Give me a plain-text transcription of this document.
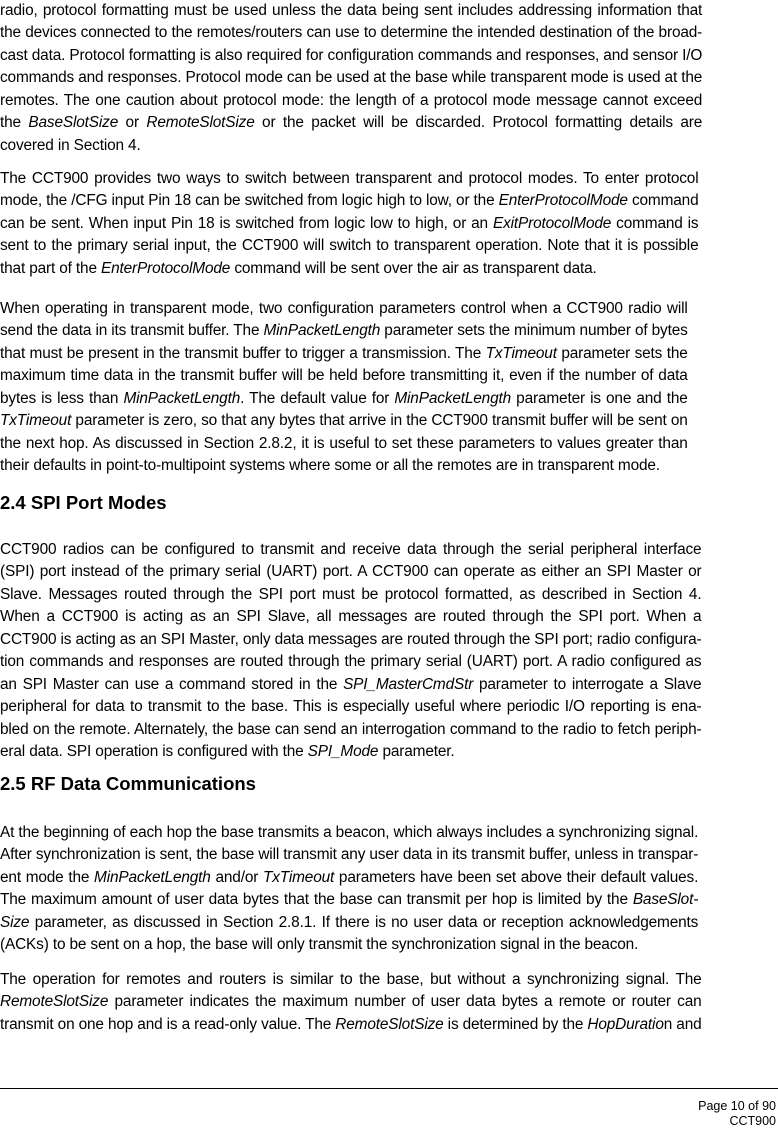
radio, protocol formatting must be used unless the data being sent includes addressing information that
the devices connected to the remotes/routers can use to determine the intended destination of the broad-
cast data. Protocol formatting is also required for configuration commands and responses, and sensor I/O
commands and responses. Protocol mode can be used at the base while transparent mode is used at the
remotes. The one caution about protocol mode: the length of a protocol mode message cannot exceed
the BaseSlotSize or RemoteSlotSize or the packet will be discarded. Protocol formatting details are
covered in Section 4.

The CCT900 provides two ways to switch between transparent and protocol modes. To enter protocol
mode, the /CFG input Pin 18 can be switched from logic high to low, or the EnterProtocolMode command
can be sent. When input Pin 18 is switched from logic low to high, or an ExitProtocolMode command is
sent to the primary serial input, the CCT900 will switch to transparent operation. Note that it is possible
that part of the EnterProtocolMode command will be sent over the air as transparent data.

When operating in transparent mode, two configuration parameters control when a CCT900 radio will
send the data in its transmit buffer. The MinPacketLength parameter sets the minimum number of bytes
that must be present in the transmit buffer to trigger a transmission. The TxTimeout parameter sets the
maximum time data in the transmit buffer will be held before transmitting it, even if the number of data
bytes is less than MinPacketLength. The default value for MinPacketLength parameter is one and the
TxTimeout parameter is zero, so that any bytes that arrive in the CCT900 transmit buffer will be sent on
the next hop. As discussed in Section 2.8.2, it is useful to set these parameters to values greater than
their defaults in point-to-multipoint systems where some or all the remotes are in transparent mode.

2.4 SPI Port Modes

CCT900 radios can be configured to transmit and receive data through the serial peripheral interface
(SPI) port instead of the primary serial (UART) port. A CCT900 can operate as either an SPI Master or
Slave. Messages routed through the SPI port must be protocol formatted, as described in Section 4.
When a CCT900 is acting as an SPI Slave, all messages are routed through the SPI port. When a
CCT900 is acting as an SPI Master, only data messages are routed through the SPI port; radio configura-
tion commands and responses are routed through the primary serial (UART) port. A radio configured as
an SPI Master can use a command stored in the SPI_MasterCmdStr parameter to interrogate a Slave
peripheral for data to transmit to the base. This is especially useful where periodic I/O reporting is ena-
bled on the remote. Alternately, the base can send an interrogation command to the radio to fetch periph-
eral data. SPI operation is configured with the SPI_Mode parameter.

2.5 RF Data Communications

At the beginning of each hop the base transmits a beacon, which always includes a synchronizing signal.
After synchronization is sent, the base will transmit any user data in its transmit buffer, unless in transpar-
ent mode the MinPacketLength and/or TxTimeout parameters have been set above their default values.
The maximum amount of user data bytes that the base can transmit per hop is limited by the BaseSlot-
Size parameter, as discussed in Section 2.8.1. If there is no user data or reception acknowledgements
(ACKs) to be sent on a hop, the base will only transmit the synchronization signal in the beacon.

The operation for remotes and routers is similar to the base, but without a synchronizing signal. The
RemoteSlotSize parameter indicates the maximum number of user data bytes a remote or router can
transmit on one hop and is a read-only value. The RemoteSlotSize is determined by the HopDuration and

Page 10 of 90
CCT900
